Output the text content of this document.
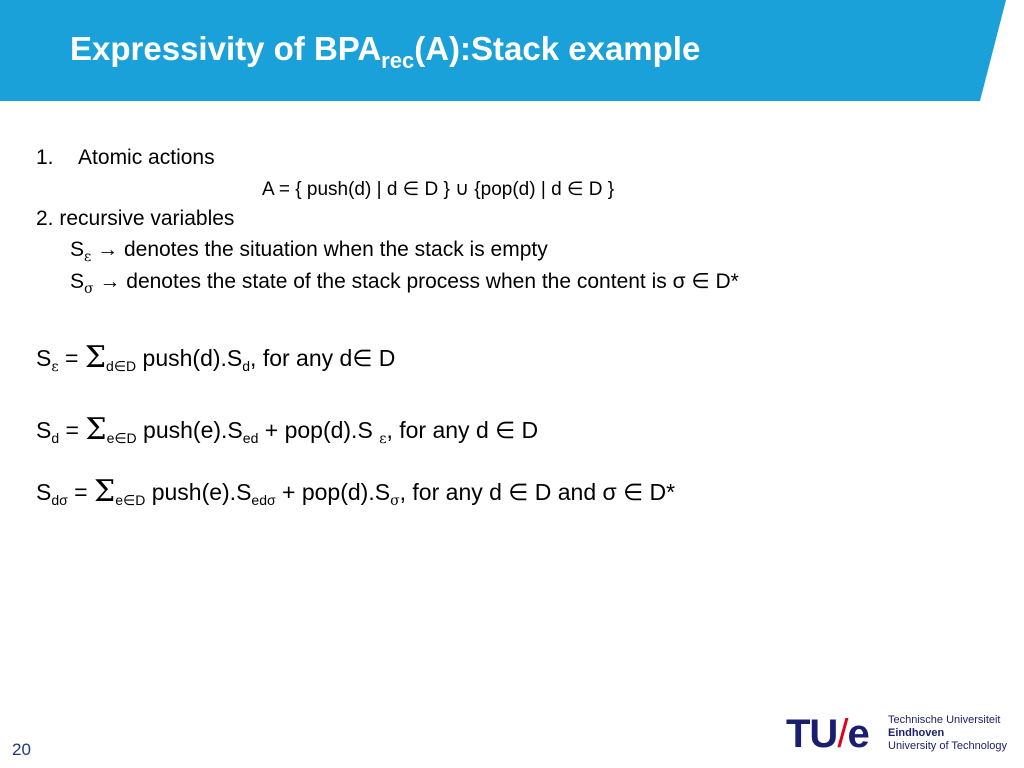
Expressivity of $BPA_{rec}(A):Stack$ example
1. Atomic actions
A = { push(d) | d ∈ D } ∪ {pop(d) | d ∈ D }
2. recursive variables
$S_\varepsilon$ → denotes the situation when the stack is empty
$S_\sigma$ → denotes the state of the stack process when the content is σ ∈ D*
$S_\varepsilon = \Sigma_{d\in D}$ $push(d).S_d$, for any d∈ D
$S_d = \Sigma_{e\in D}$ $push(e).S_{ed} + pop(d).S$ $_\varepsilon$, for any d ∈ D
$S_{d\sigma} = \Sigma_{e\in D}$ $push(e).S_{ed\sigma} + pop(d).S_\sigma$, for any d ∈ D and σ ∈ D*
20	TU/e Technische Universiteit
Eindhoven
University of Technology
